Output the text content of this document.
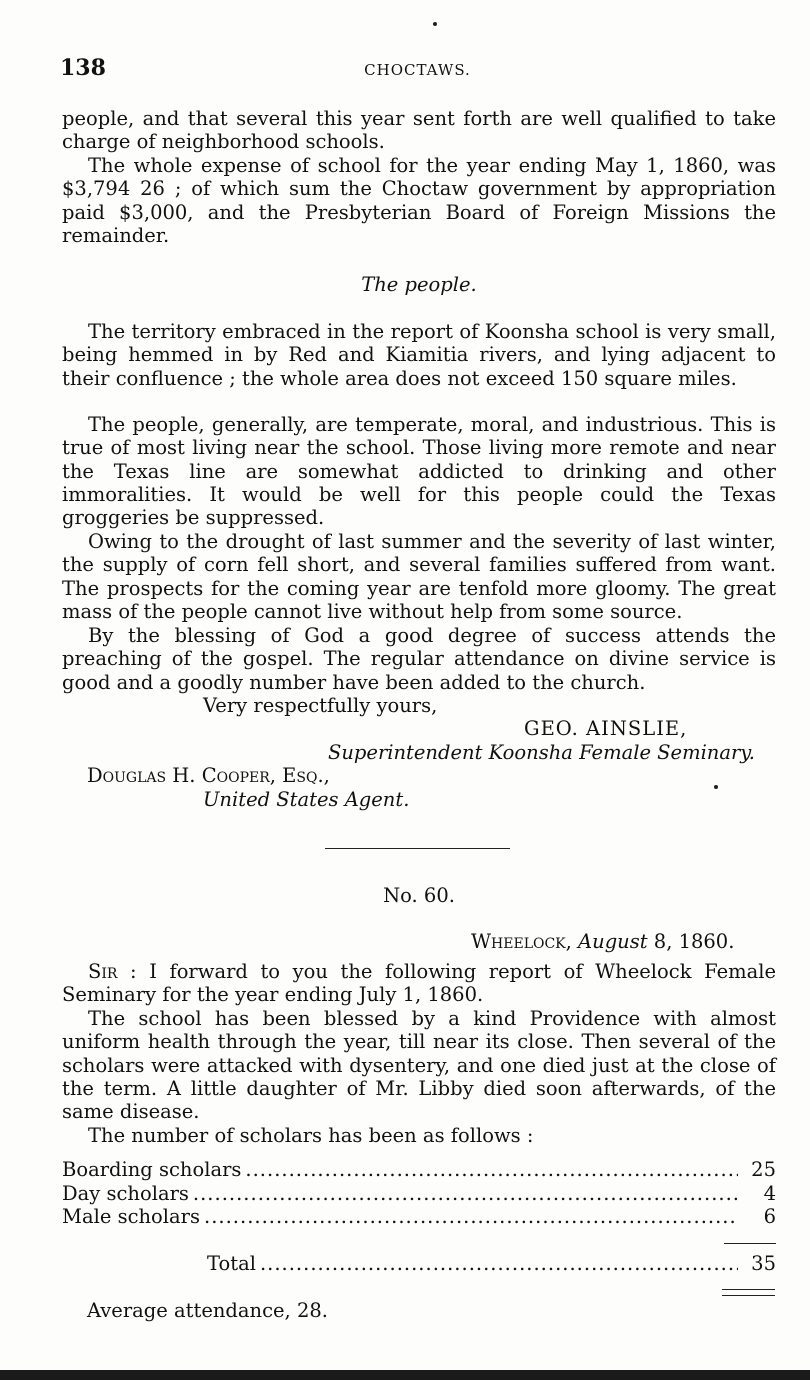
138	CHOCTAWS.
people, and that several this year sent forth are well qualified to take charge of neighborhood schools.
The whole expense of school for the year ending May 1, 1860, was $3,794 26 ; of which sum the Choctaw government by appropriation paid $3,000, and the Presbyterian Board of Foreign Missions the remainder.
The people.
The territory embraced in the report of Koonsha school is very small, being hemmed in by Red and Kiamitia rivers, and lying adjacent to their confluence ; the whole area does not exceed 150 square miles.
The people, generally, are temperate, moral, and industrious. This is true of most living near the school. Those living more remote and near the Texas line are somewhat addicted to drinking and other immoralities. It would be well for this people could the Texas groggeries be suppressed.
Owing to the drought of last summer and the severity of last winter, the supply of corn fell short, and several families suffered from want. The prospects for the coming year are tenfold more gloomy. The great mass of the people cannot live without help from some source.
By the blessing of God a good degree of success attends the preaching of the gospel. The regular attendance on divine service is good and a goodly number have been added to the church.
Very respectfully yours,
GEO. AINSLIE,
Superintendent Koonsha Female Seminary.
Douglas H. Cooper, Esq.,
United States Agent.
No. 60.
Wheelock, August 8, 1860.
Sir : I forward to you the following report of Wheelock Female Seminary for the year ending July 1, 1860.
The school has been blessed by a kind Providence with almost uniform health through the year, till near its close. Then several of the scholars were attacked with dysentery, and one died just at the close of the term. A little daughter of Mr. Libby died soon afterwards, of the same disease.
The number of scholars has been as follows :
Boarding scholars .....	25
Day scholars .....	4
Male scholars .....	6
Total .....	35
Average attendance, 28.
